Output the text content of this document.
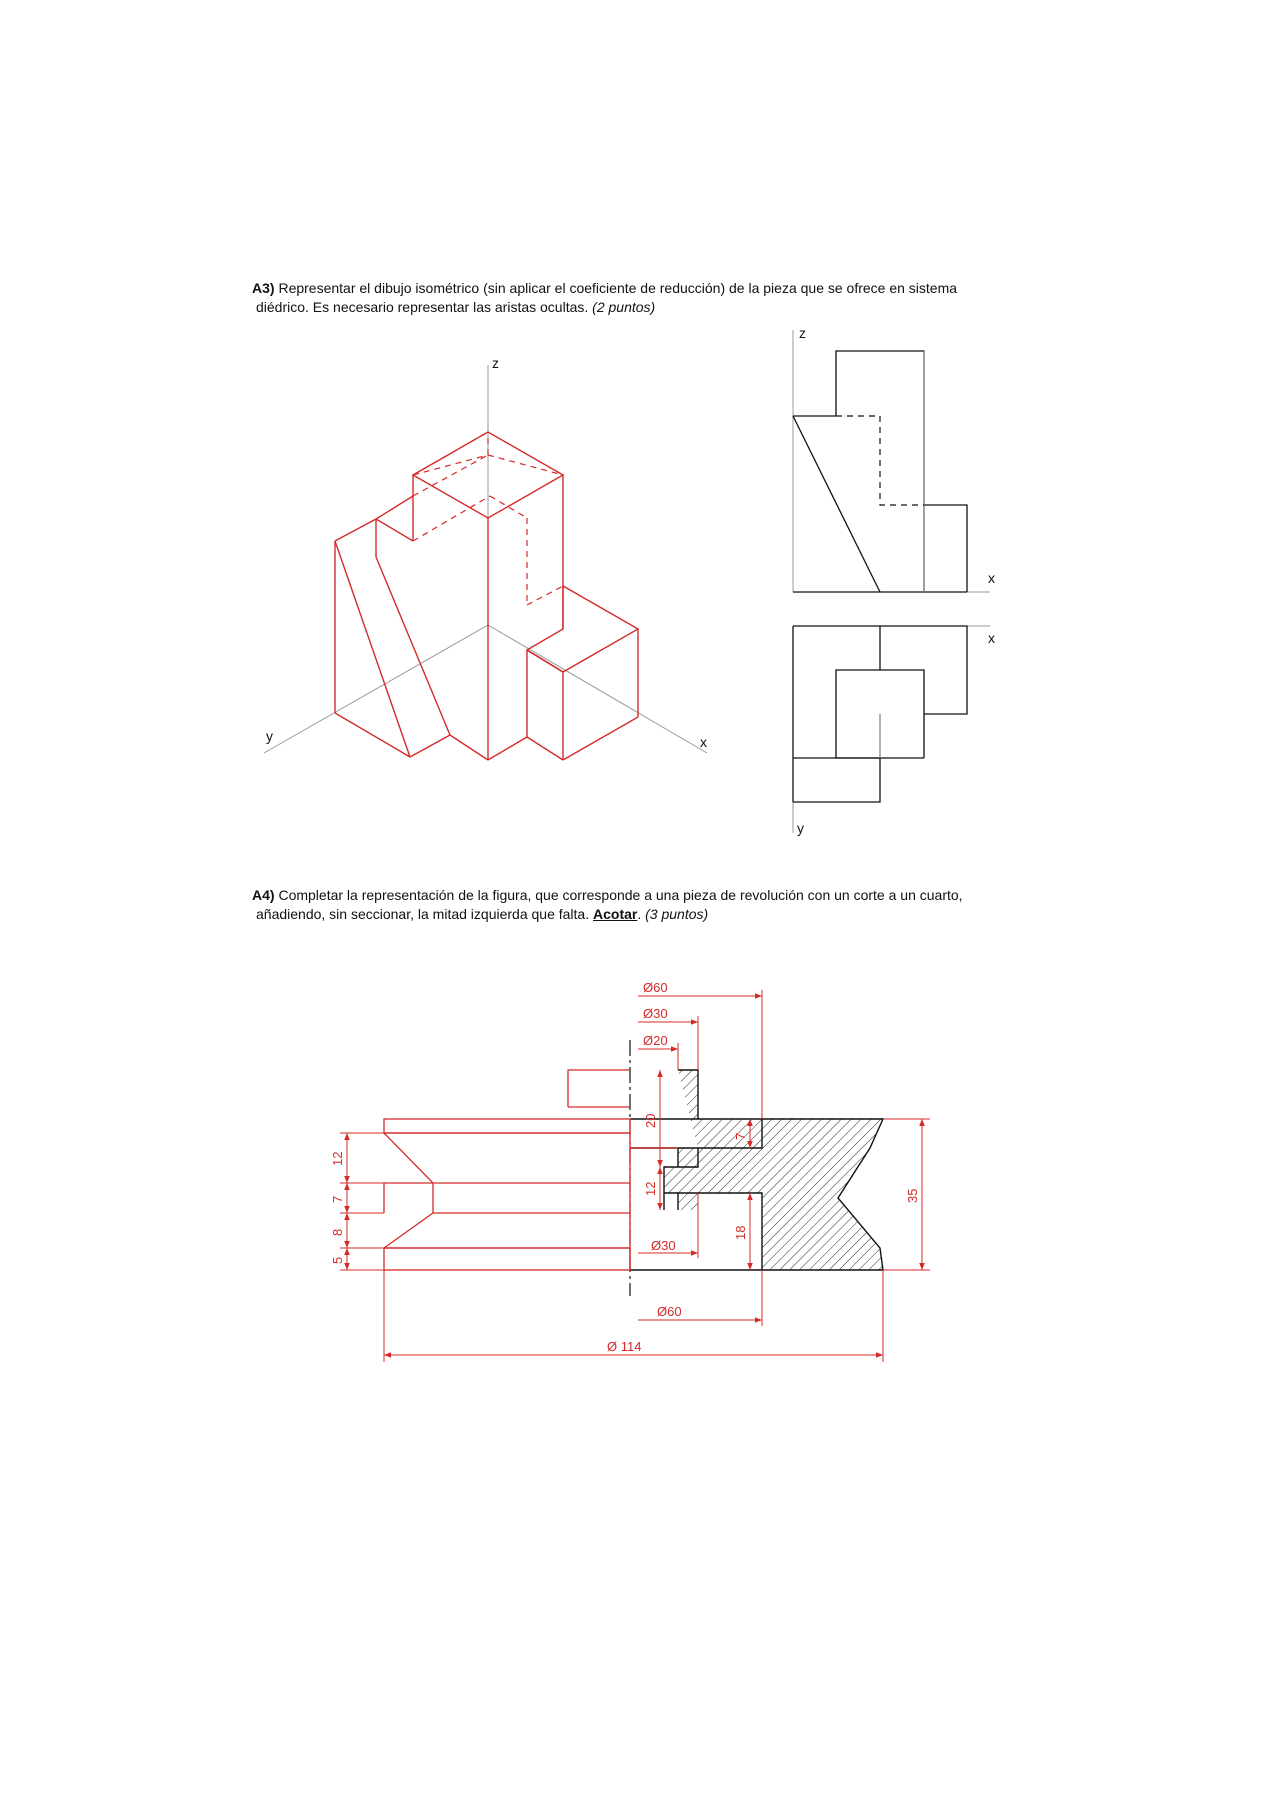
A3) Representar el dibujo isométrico (sin aplicar el coeficiente de reducción) de la pieza que se ofrece en sistema
diédrico. Es necesario representar las aristas ocultas. (2 puntos)
A4) Completar la representación de la figura, que corresponde a una pieza de revolución con un corte a un cuarto,
añadiendo, sin seccionar, la mitad izquierda que falta. Acotar. (3 puntos)
z
y	x
z
x
x
y
Ø60
Ø30
Ø20
20
7
12
18
Ø30
35
Ø60
Ø 114
12
7
8
5
